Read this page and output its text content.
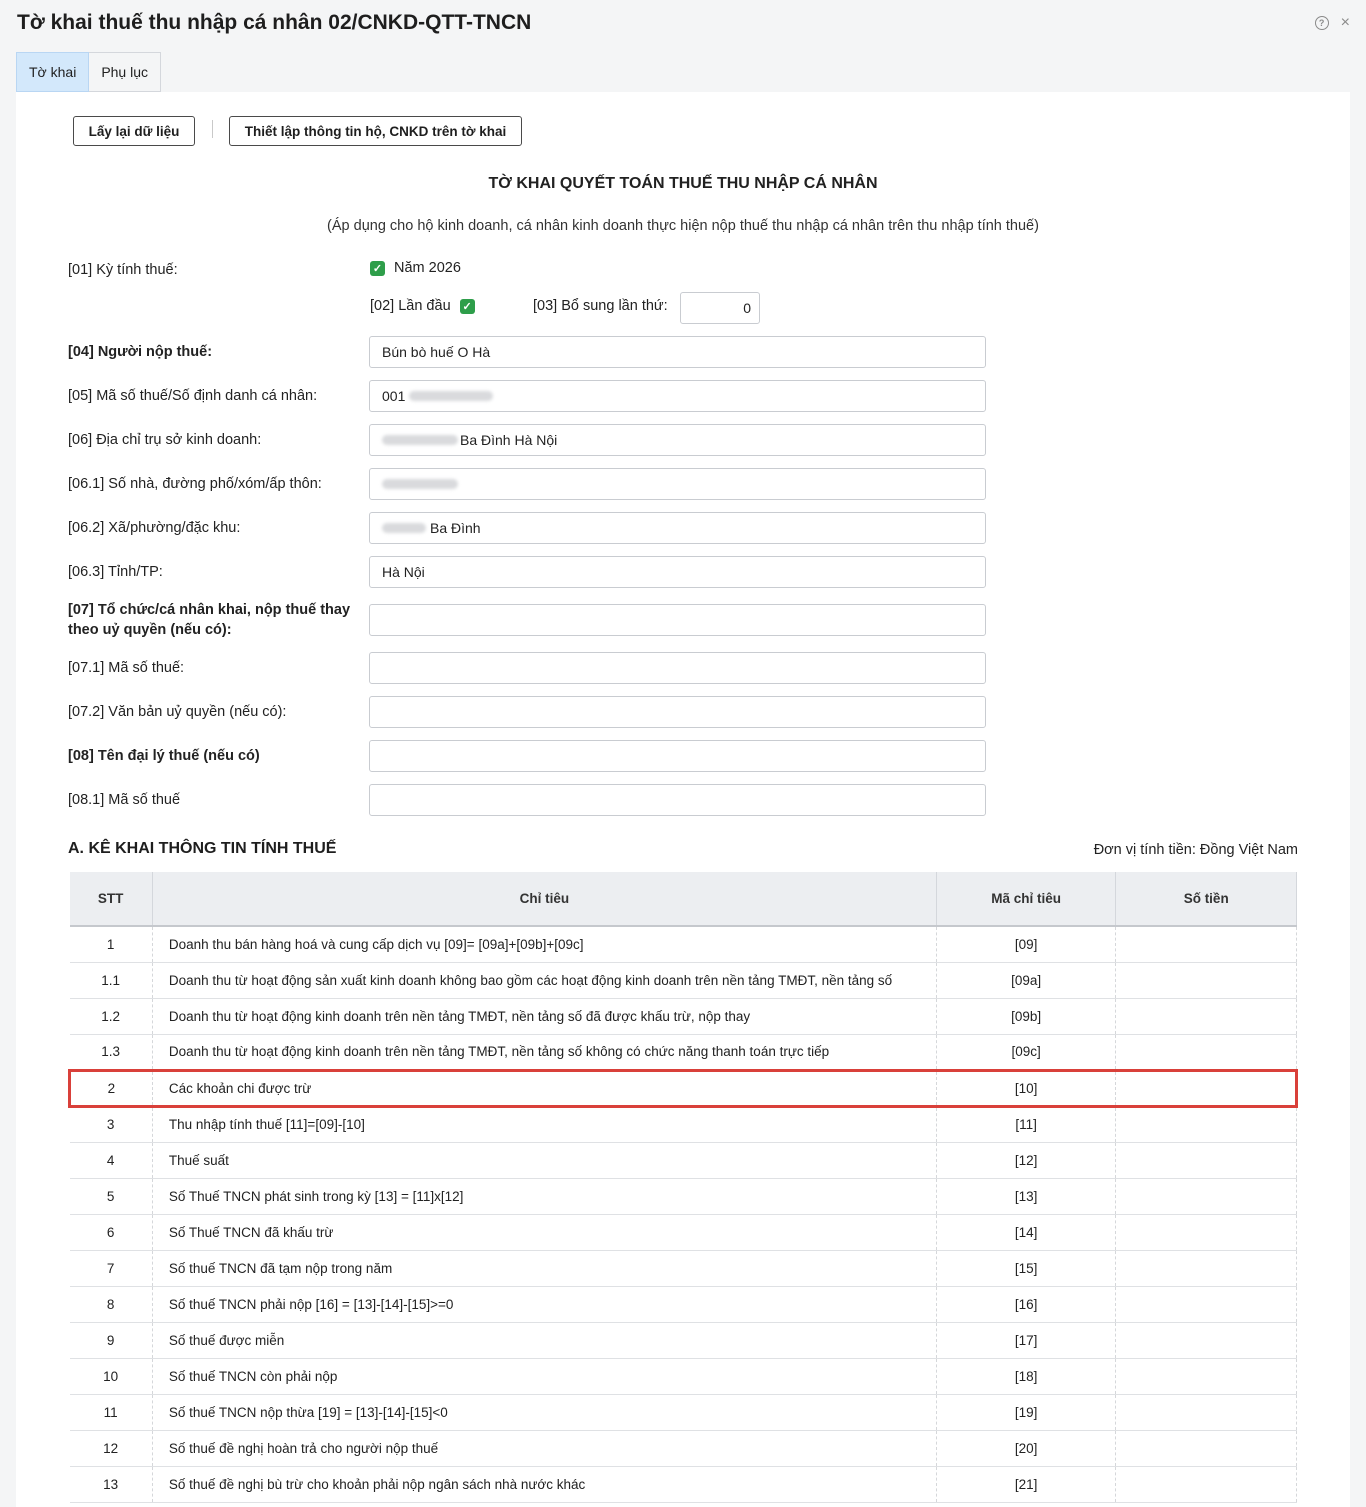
Tờ khai thuế thu nhập cá nhân 02/CNKD-QTT-TNCN	? ×
Tờ khai	Phụ lục
Lấy lại dữ liệu	Thiết lập thông tin hộ, CNKD trên tờ khai
TỜ KHAI QUYẾT TOÁN THUẾ THU NHẬP CÁ NHÂN
(Áp dụng cho hộ kinh doanh, cá nhân kinh doanh thực hiện nộp thuế thu nhập cá nhân trên thu nhập tính thuế)
[01] Kỳ tính thuế:	✓ Năm 2026
[02] Lần đầu ✓	[03] Bổ sung lần thứ:	0
[04] Người nộp thuế:	Bún bò huế O Hà
[05] Mã số thuế/Số định danh cá nhân:	001
[06] Địa chỉ trụ sở kinh doanh:	Ba Đình Hà Nội
[06.1] Số nhà, đường phố/xóm/ấp thôn:
[06.2] Xã/phường/đặc khu:	Ba Đình
[06.3] Tỉnh/TP:	Hà Nội
[07] Tổ chức/cá nhân khai, nộp thuế thay theo uỷ quyền (nếu có):
[07.1] Mã số thuế:
[07.2] Văn bản uỷ quyền (nếu có):
[08] Tên đại lý thuế (nếu có)
[08.1] Mã số thuế
A. KÊ KHAI THÔNG TIN TÍNH THUẾ	Đơn vị tính tiền: Đồng Việt Nam
STT	Chỉ tiêu	Mã chỉ tiêu	Số tiền
1	Doanh thu bán hàng hoá và cung cấp dịch vụ [09]= [09a]+[09b]+[09c]	[09]	
1.1	Doanh thu từ hoạt động sản xuất kinh doanh không bao gồm các hoạt động kinh doanh trên nền tảng TMĐT, nền tảng số	[09a]	
1.2	Doanh thu từ hoạt động kinh doanh trên nền tảng TMĐT, nền tảng số đã được khấu trừ, nộp thay	[09b]	
1.3	Doanh thu từ hoạt động kinh doanh trên nền tảng TMĐT, nền tảng số không có chức năng thanh toán trực tiếp	[09c]	
2	Các khoản chi được trừ	[10]	
3	Thu nhập tính thuế [11]=[09]-[10]	[11]	
4	Thuế suất	[12]	
5	Số Thuế TNCN phát sinh trong kỳ [13] = [11]x[12]	[13]	
6	Số Thuế TNCN đã khấu trừ	[14]	
7	Số thuế TNCN đã tạm nộp trong năm	[15]	
8	Số thuế TNCN phải nộp [16] = [13]-[14]-[15]>=0	[16]	
9	Số thuế được miễn	[17]	
10	Số thuế TNCN còn phải nộp	[18]	
11	Số thuế TNCN nộp thừa [19] = [13]-[14]-[15]<0	[19]	
12	Số thuế đề nghị hoàn trả cho người nộp thuế	[20]	
13	Số thuế đề nghị bù trừ cho khoản phải nộp ngân sách nhà nước khác	[21]	
